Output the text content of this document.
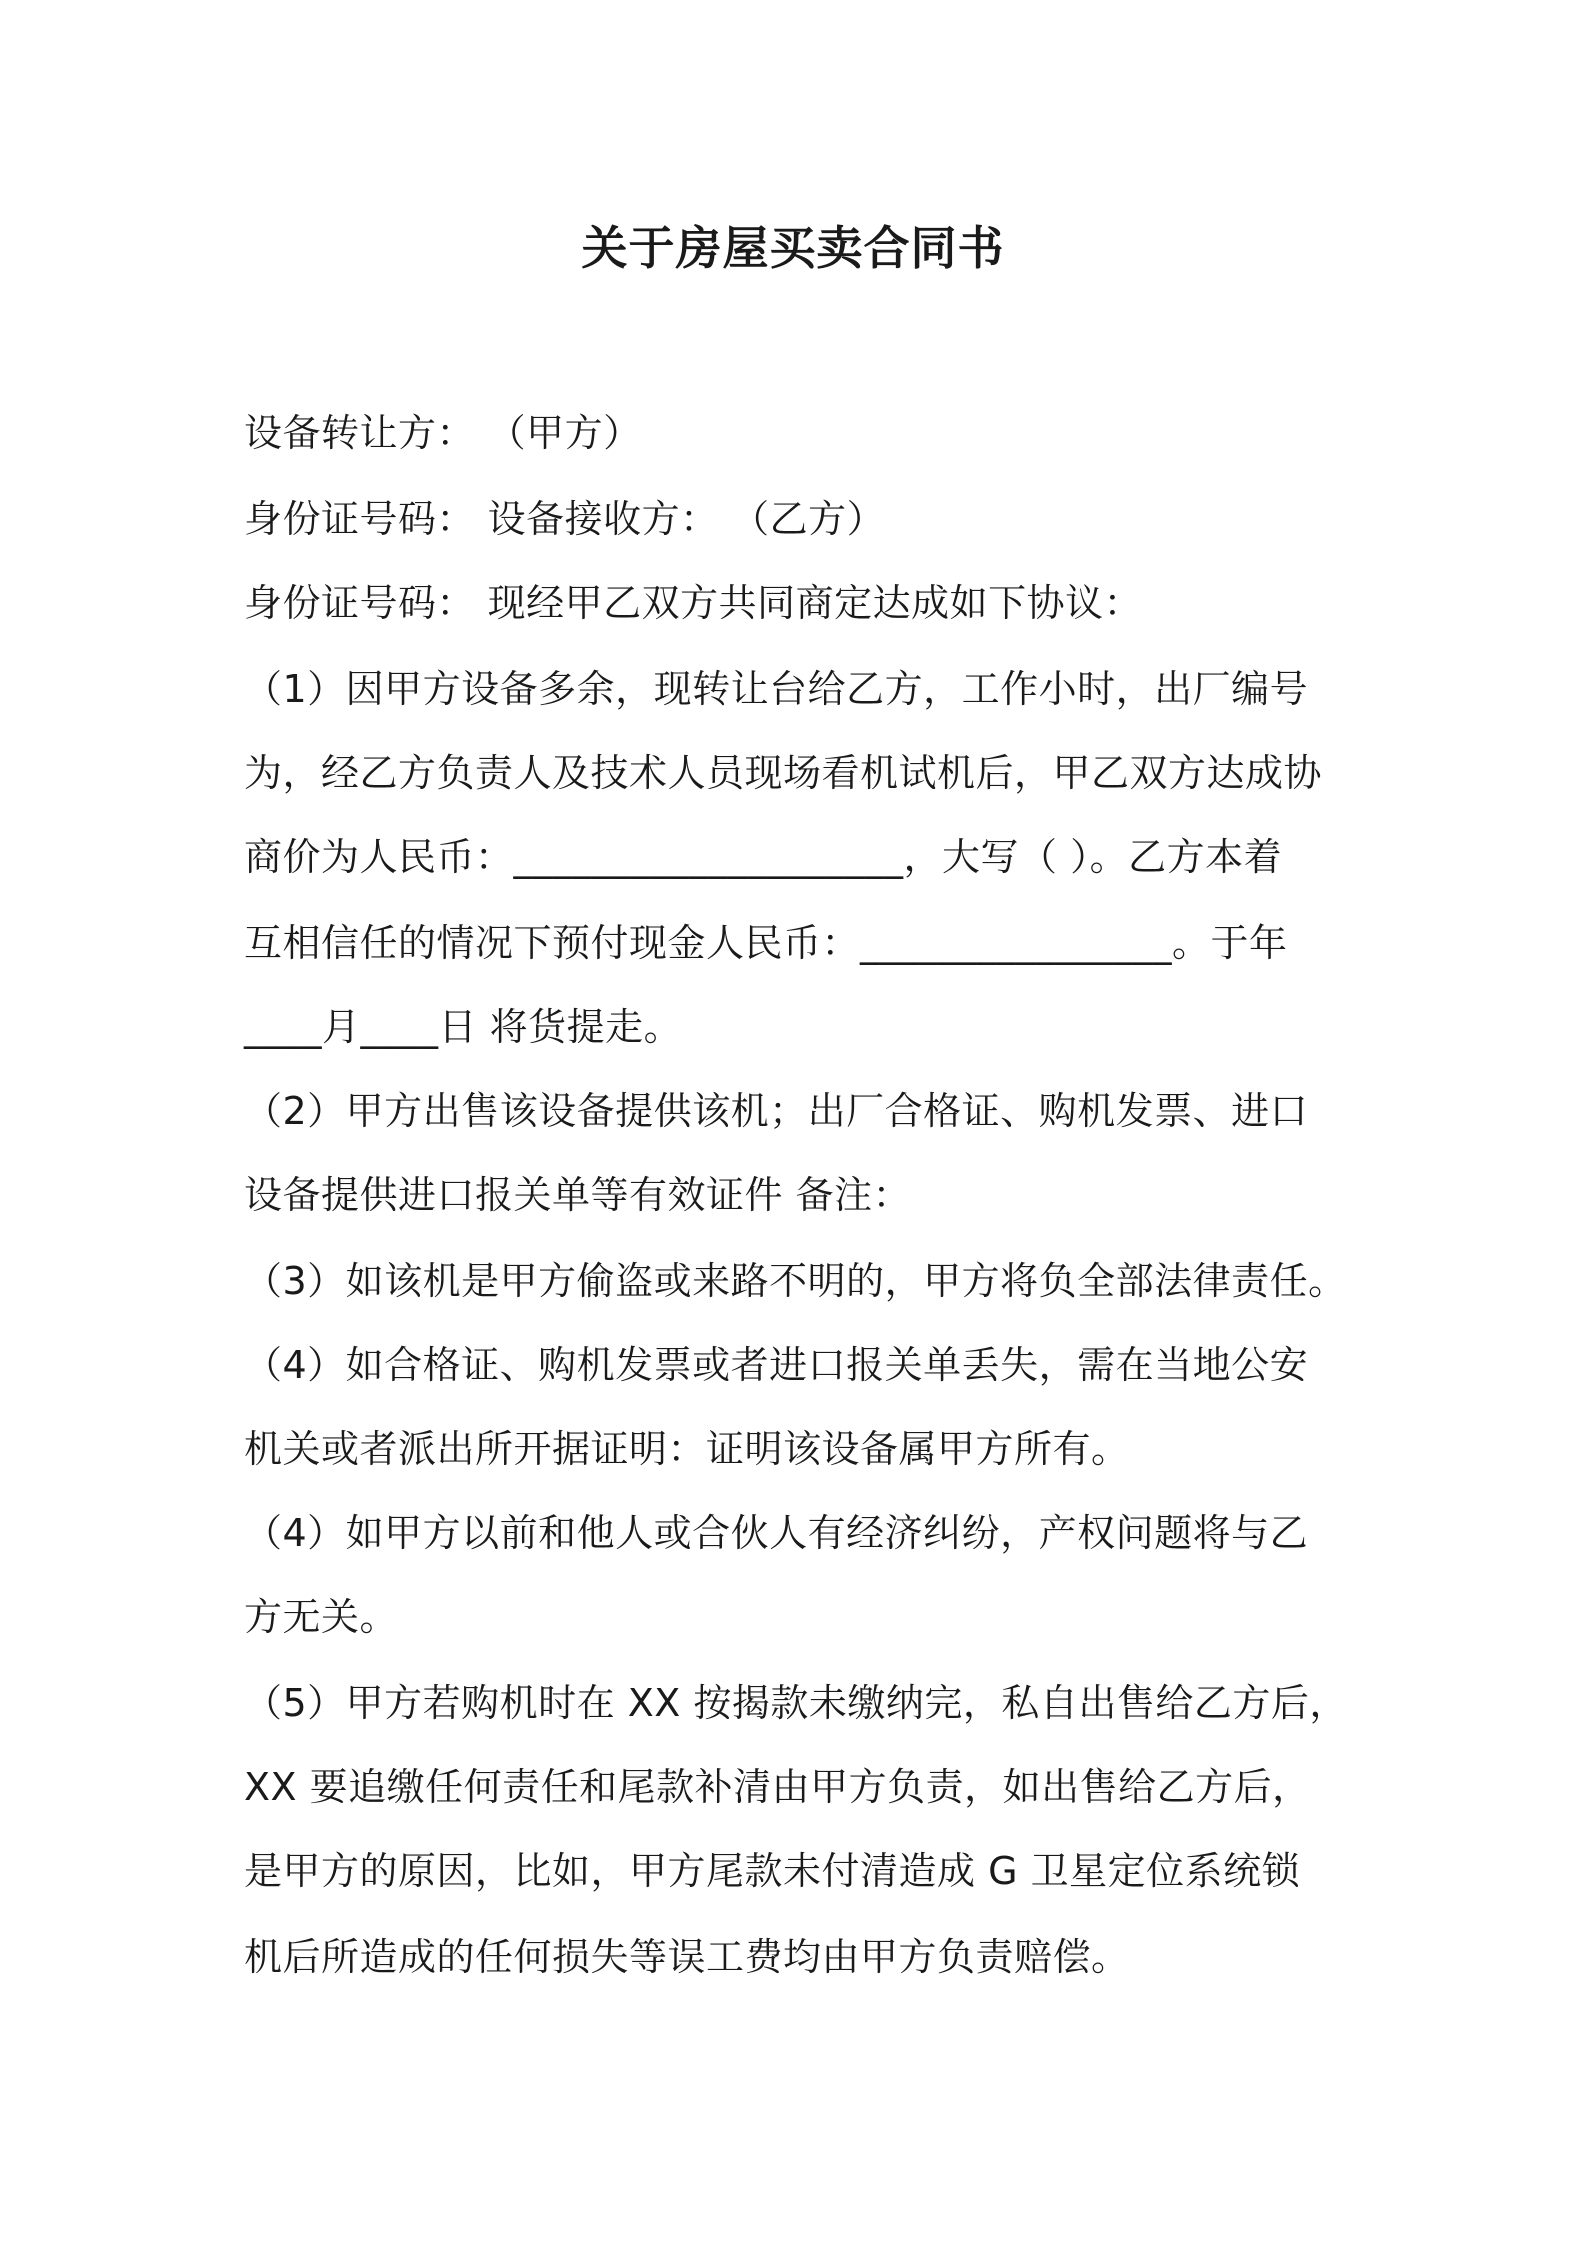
关于房屋买卖合同书
设备转让方： （甲方）
身份证号码： 设备接收方： （乙方）
身份证号码： 现经甲乙双方共同商定达成如下协议：
（1）因甲方设备多余，现转让台给乙方，工作小时，出厂编号
为，经乙方负责人及技术人员现场看机试机后，甲乙双方达成协
商价为人民币：____________________，大写（ ）。乙方本着
互相信任的情况下预付现金人民币：________________。于年
____月____日 将货提走。
（2）甲方出售该设备提供该机；出厂合格证、购机发票、进口
设备提供进口报关单等有效证件 备注：
（3）如该机是甲方偷盗或来路不明的，甲方将负全部法律责任。
（4）如合格证、购机发票或者进口报关单丢失，需在当地公安
机关或者派出所开据证明：证明该设备属甲方所有。
（4）如甲方以前和他人或合伙人有经济纠纷，产权问题将与乙
方无关。
（5）甲方若购机时在 XX 按揭款未缴纳完，私自出售给乙方后，
XX 要追缴任何责任和尾款补清由甲方负责，如出售给乙方后，
是甲方的原因，比如，甲方尾款未付清造成 G 卫星定位系统锁
机后所造成的任何损失等误工费均由甲方负责赔偿。
